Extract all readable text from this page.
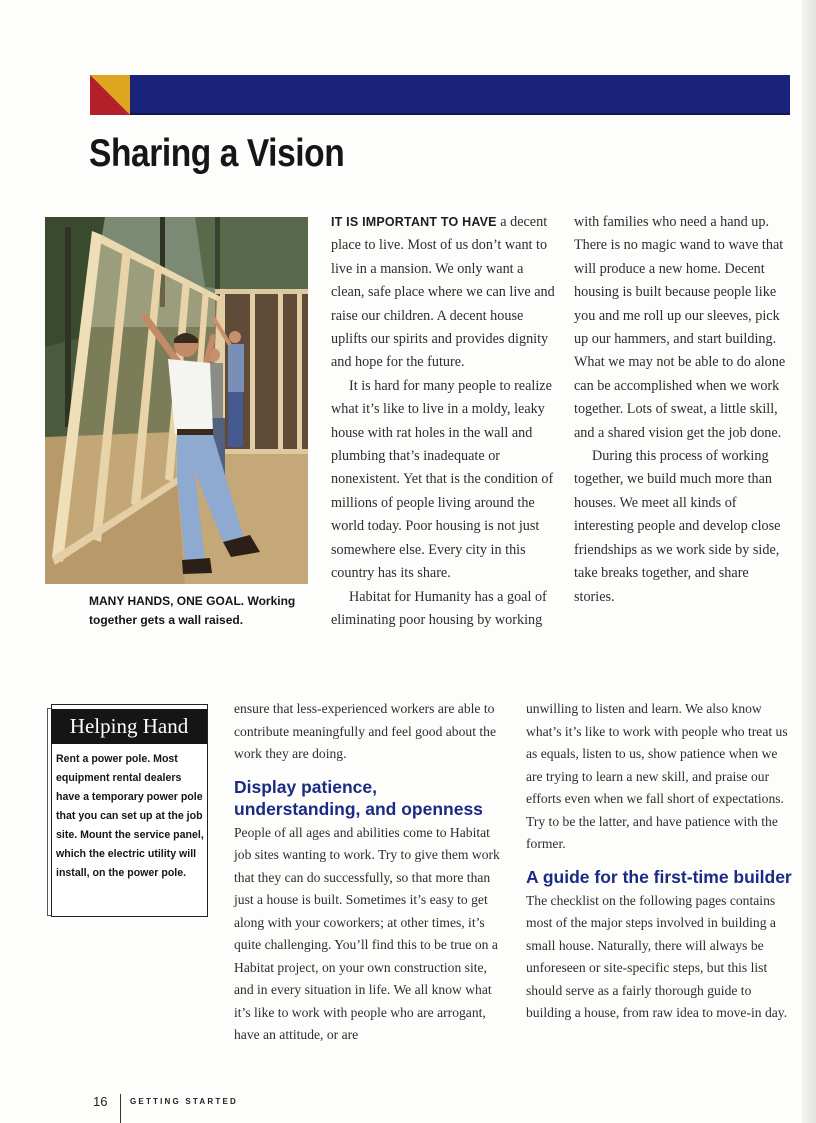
Sharing a Vision

MANY HANDS, ONE GOAL. Working together gets a wall raised.

IT IS IMPORTANT TO HAVE a decent place to live. Most of us don’t want to live in a mansion. We only want a clean, safe place where we can live and raise our children. A decent house uplifts our spirits and provides dignity and hope for the future.

It is hard for many people to realize what it’s like to live in a moldy, leaky house with rat holes in the wall and plumbing that’s inadequate or nonexistent. Yet that is the condition of millions of people living around the world today. Poor housing is not just somewhere else. Every city in this country has its share.

Habitat for Humanity has a goal of eliminating poor housing by working

with families who need a hand up. There is no magic wand to wave that will produce a new home. Decent housing is built because people like you and me roll up our sleeves, pick up our hammers, and start building. What we may not be able to do alone can be accomplished when we work together. Lots of sweat, a little skill, and a shared vision get the job done.

During this process of working together, we build much more than houses. We meet all kinds of interesting people and develop close friendships as we work side by side, take breaks together, and share stories.

Helping Hand

Rent a power pole. Most equipment rental dealers have a temporary power pole that you can set up at the job site. Mount the service panel, which the electric utility will install, on the power pole.

ensure that less-experienced workers are able to contribute meaningfully and feel good about the work they are doing.

Display patience, understanding, and openness

People of all ages and abilities come to Habitat job sites wanting to work. Try to give them work that they can do successfully, so that more than just a house is built. Sometimes it’s easy to get along with your coworkers; at other times, it’s quite challenging. You’ll find this to be true on a Habitat project, on your own construction site, and in every situation in life. We all know what it’s like to work with people who are arrogant, have an attitude, or are

unwilling to listen and learn. We also know what’s it’s like to work with people who treat us as equals, listen to us, show patience when we are trying to learn a new skill, and praise our efforts even when we fall short of expectations. Try to be the latter, and have patience with the former.

A guide for the first-time builder

The checklist on the following pages contains most of the major steps involved in building a small house. Naturally, there will always be unforeseen or site-specific steps, but this list should serve as a fairly thorough guide to building a house, from raw idea to move-in day.

16	GETTING STARTED
